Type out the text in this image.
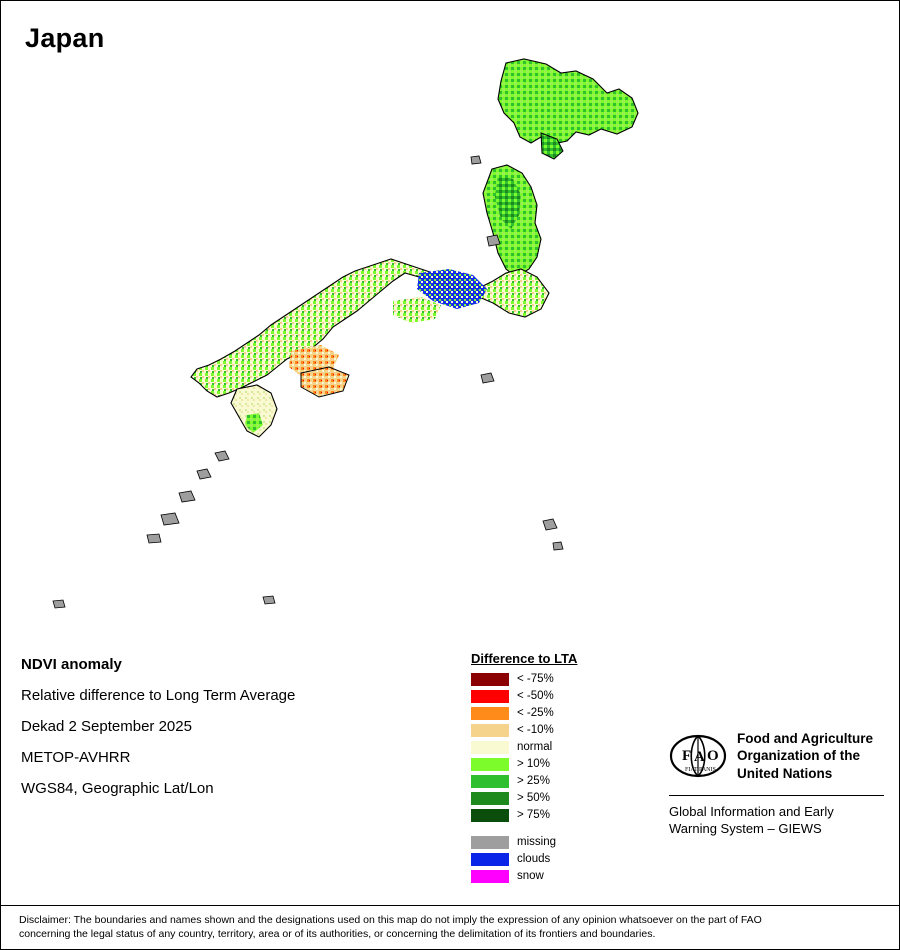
Japan
NDVI anomaly
Relative difference to Long Term Average
Dekad 2 September 2025
METOP-AVHRR
WGS84, Geographic Lat/Lon
Difference to LTA
< -75%
< -50%
< -25%
< -10%
normal
> 10%
> 25%
> 50%
> 75%
missing
clouds
snow
F A O
FIAT PANIS
Food and Agriculture
Organization of the
United Nations
Global Information and Early
Warning System – GIEWS
Disclaimer: The boundaries and names shown and the designations used on this map do not imply the expression of any opinion whatsoever on the part of FAO
concerning the legal status of any country, territory, area or of its authorities, or concerning the delimitation of its frontiers and boundaries.
